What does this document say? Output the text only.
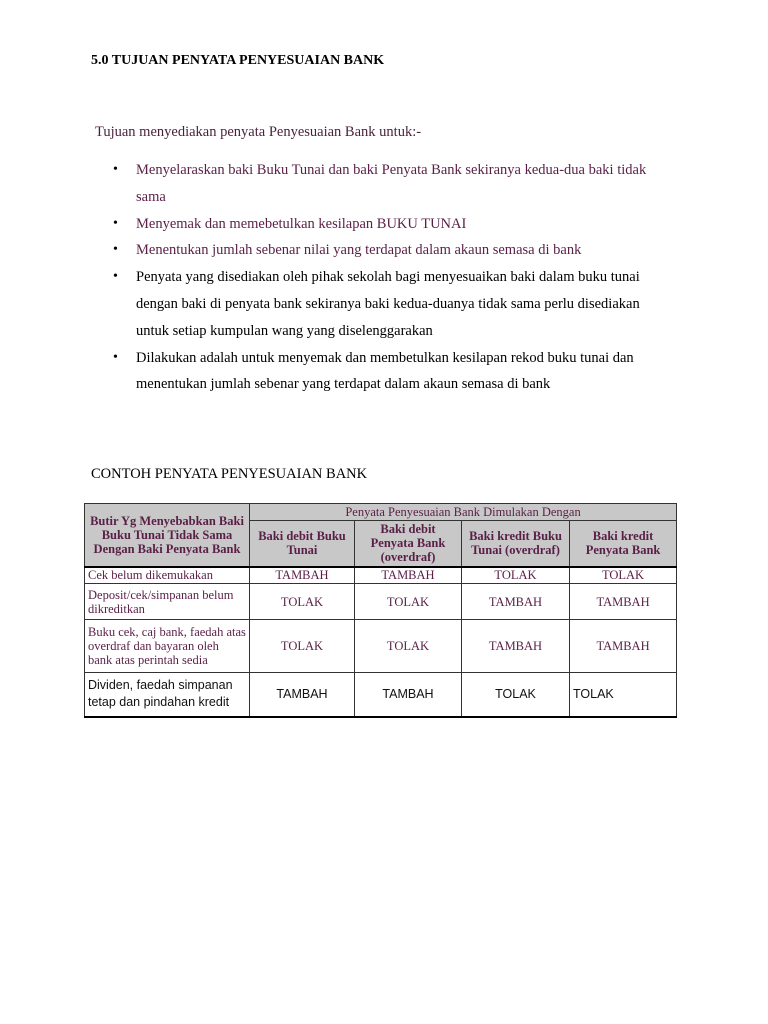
5.0 TUJUAN PENYATA PENYESUAIAN BANK

Tujuan menyediakan penyata Penyesuaian Bank untuk:-

• Menyelaraskan baki Buku Tunai dan baki Penyata Bank sekiranya kedua-dua baki tidak sama
• Menyemak dan memebetulkan kesilapan BUKU TUNAI
• Menentukan jumlah sebenar nilai yang terdapat dalam akaun semasa di bank
• Penyata yang disediakan oleh pihak sekolah bagi menyesuaikan baki dalam buku tunai dengan baki di penyata bank sekiranya baki kedua-duanya tidak sama perlu disediakan untuk setiap kumpulan wang yang diselenggarakan
• Dilakukan adalah untuk menyemak dan membetulkan kesilapan rekod buku tunai dan menentukan jumlah sebenar yang terdapat dalam akaun semasa di bank

CONTOH PENYATA PENYESUAIAN BANK

Butir Yg Menyebabkan Baki Buku Tunai Tidak Sama Dengan Baki Penyata Bank	Penyata Penyesuaian Bank Dimulakan Dengan			
	Baki debit Buku Tunai	Baki debit Penyata Bank (overdraf)	Baki kredit Buku Tunai (overdraf)	Baki kredit Penyata Bank
Cek belum dikemukakan	TAMBAH	TAMBAH	TOLAK	TOLAK
Deposit/cek/simpanan belum dikreditkan	TOLAK	TOLAK	TAMBAH	TAMBAH
Buku cek, caj bank, faedah atas overdraf dan bayaran oleh bank atas perintah sedia	TOLAK	TOLAK	TAMBAH	TAMBAH
Dividen, faedah simpanan tetap dan pindahan kredit	TAMBAH	TAMBAH	TOLAK	TOLAK
